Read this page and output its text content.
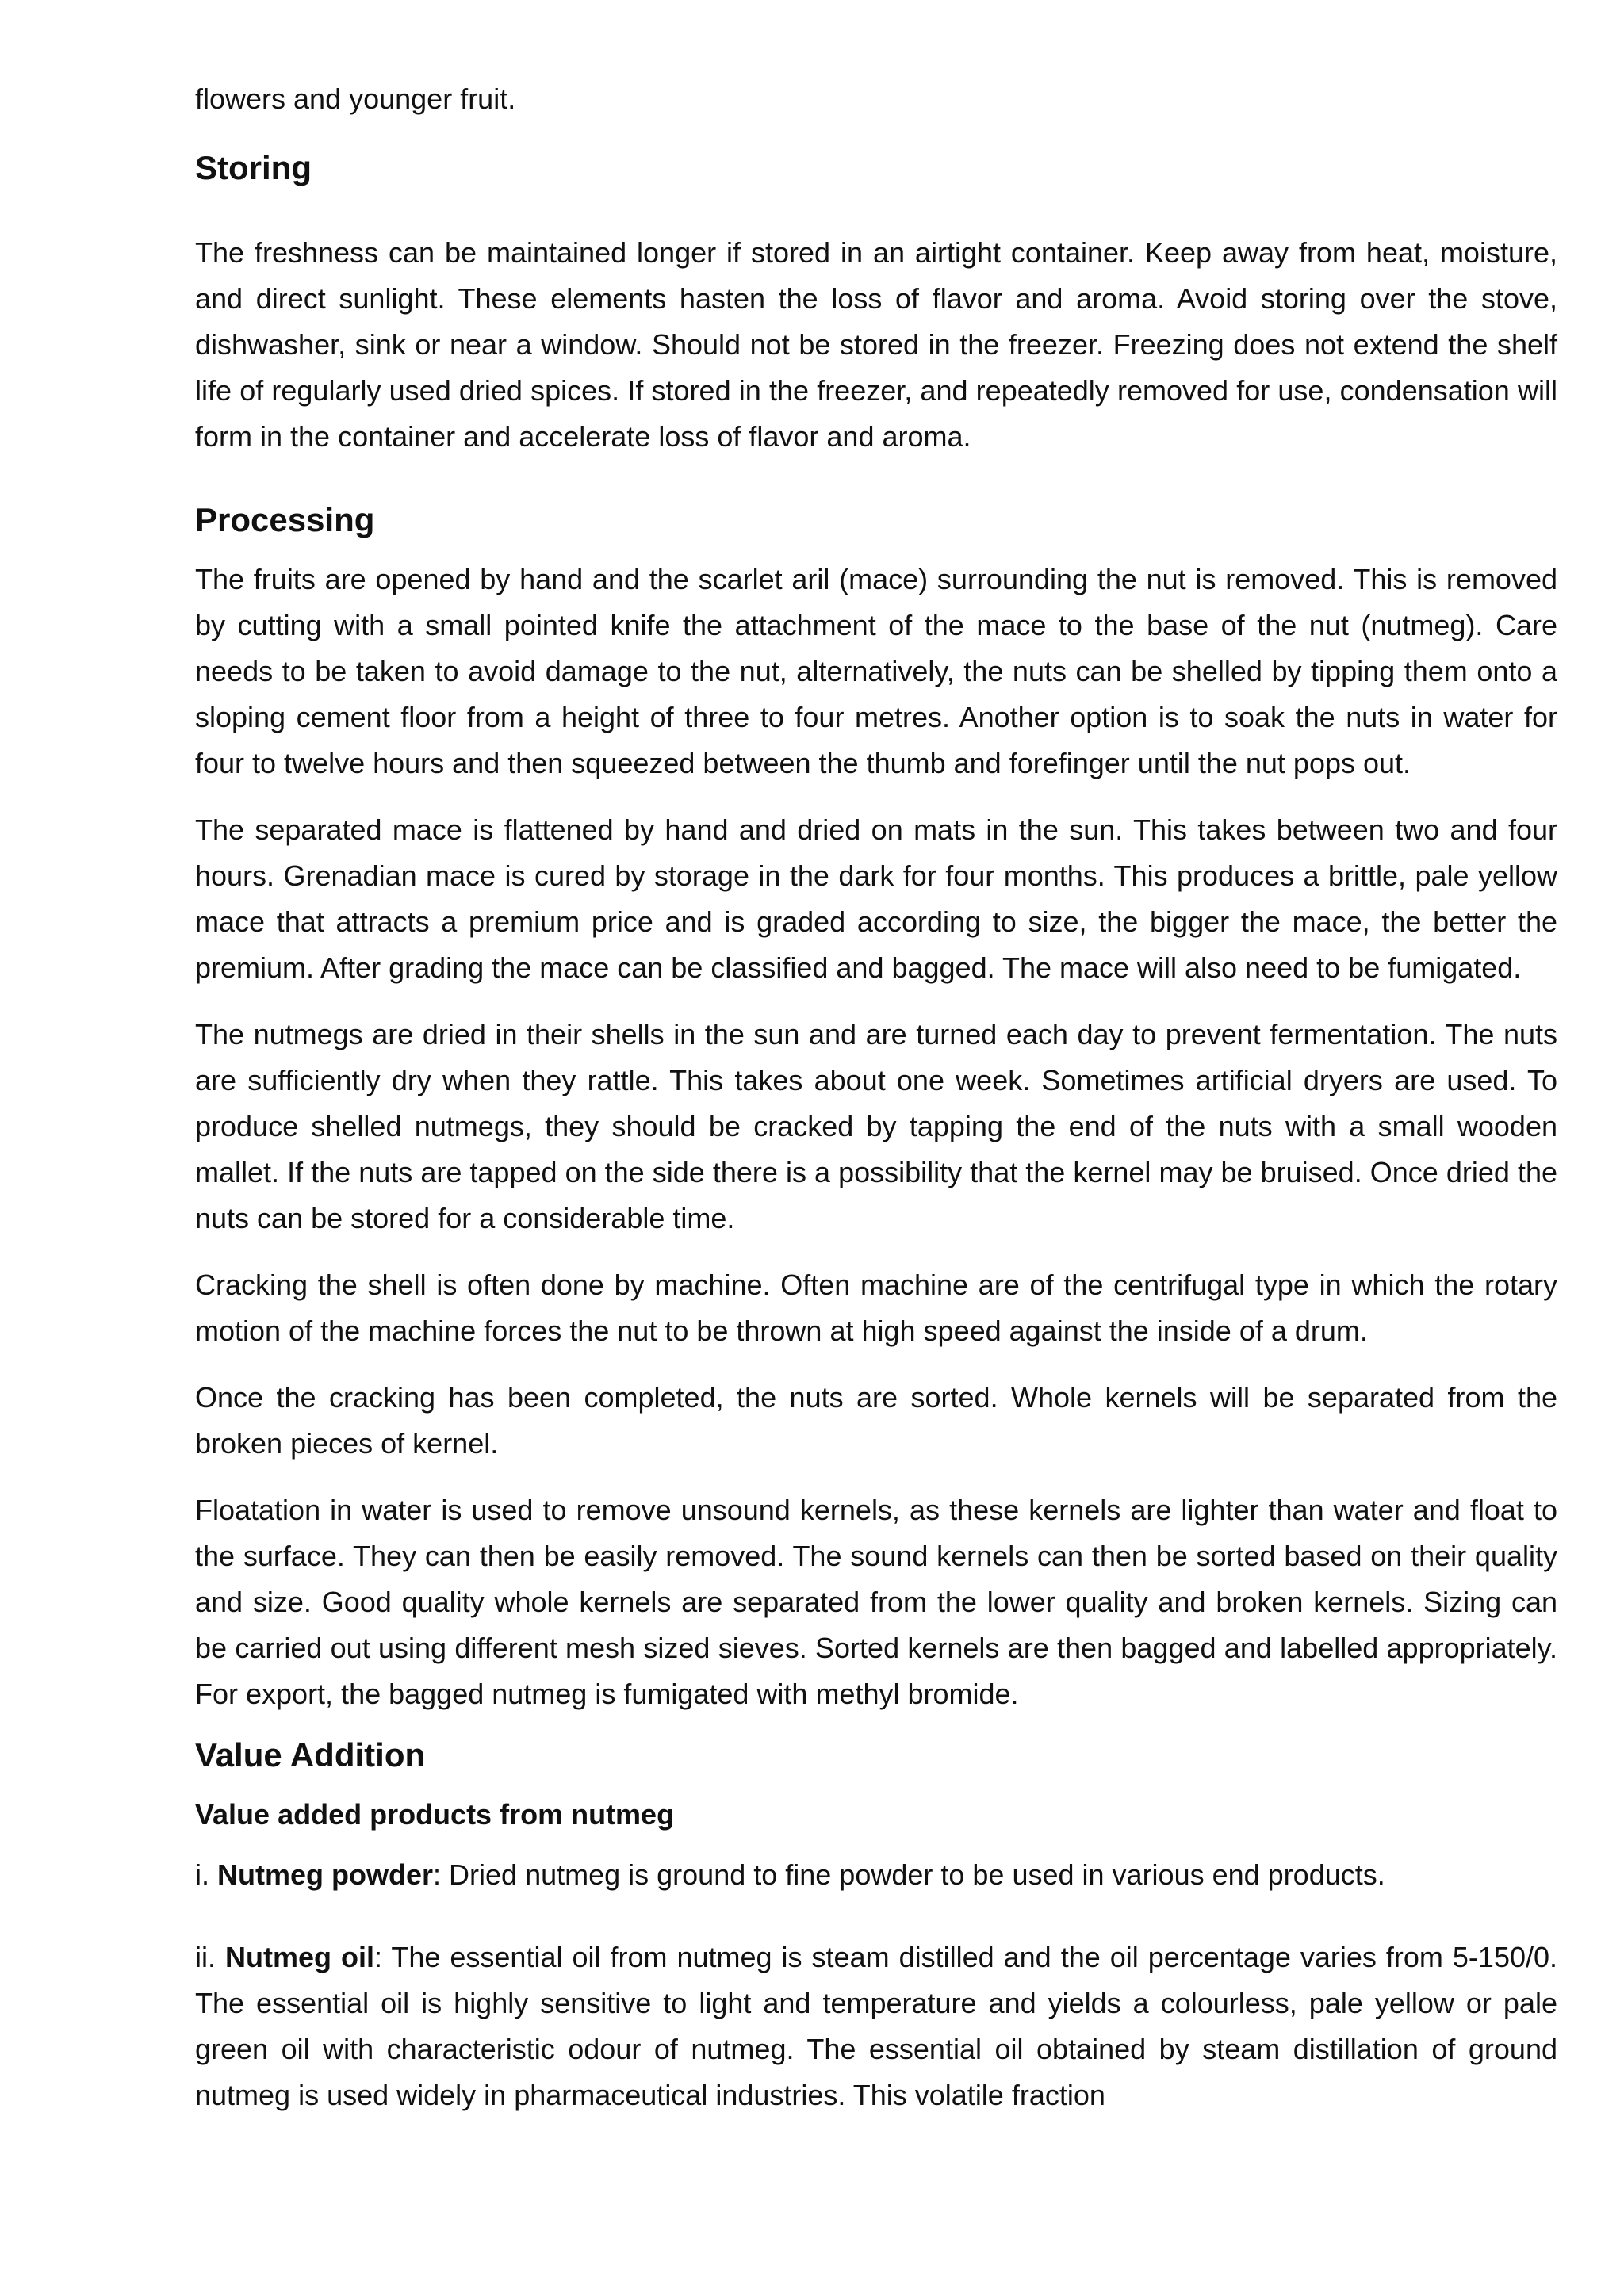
flowers and younger fruit.

Storing

The freshness can be maintained longer if stored in an airtight container. Keep away from heat, moisture, and direct sunlight. These elements hasten the loss of flavor and aroma. Avoid storing over the stove, dishwasher, sink or near a window. Should not be stored in the freezer. Freezing does not extend the shelf life of regularly used dried spices. If stored in the freezer, and repeatedly removed for use, condensation will form in the container and accelerate loss of flavor and aroma.

Processing

The fruits are opened by hand and the scarlet aril (mace) surrounding the nut is removed. This is removed by cutting with a small pointed knife the attachment of the mace to the base of the nut (nutmeg). Care needs to be taken to avoid damage to the nut, alternatively, the nuts can be shelled by tipping them onto a sloping cement floor from a height of three to four metres. Another option is to soak the nuts in water for four to twelve hours and then squeezed between the thumb and forefinger until the nut pops out.

The separated mace is flattened by hand and dried on mats in the sun. This takes between two and four hours. Grenadian mace is cured by storage in the dark for four months. This produces a brittle, pale yellow mace that attracts a premium price and is graded according to size, the bigger the mace, the better the premium. After grading the mace can be classified and bagged. The mace will also need to be fumigated.

The nutmegs are dried in their shells in the sun and are turned each day to prevent fermentation. The nuts are sufficiently dry when they rattle. This takes about one week. Sometimes artificial dryers are used. To produce shelled nutmegs, they should be cracked by tapping the end of the nuts with a small wooden mallet. If the nuts are tapped on the side there is a possibility that the kernel may be bruised. Once dried the nuts can be stored for a considerable time.

Cracking the shell is often done by machine. Often machine are of the centrifugal type in which the rotary motion of the machine forces the nut to be thrown at high speed against the inside of a drum.

Once the cracking has been completed, the nuts are sorted. Whole kernels will be separated from the broken pieces of kernel.

Floatation in water is used to remove unsound kernels, as these kernels are lighter than water and float to the surface. They can then be easily removed. The sound kernels can then be sorted based on their quality and size. Good quality whole kernels are separated from the lower quality and broken kernels. Sizing can be carried out using different mesh sized sieves. Sorted kernels are then bagged and labelled appropriately. For export, the bagged nutmeg is fumigated with methyl bromide.

Value Addition
Value added products from nutmeg

i. Nutmeg powder: Dried nutmeg is ground to fine powder to be used in various end products.

ii. Nutmeg oil: The essential oil from nutmeg is steam distilled and the oil percentage varies from 5-150/0. The essential oil is highly sensitive to light and temperature and yields a colourless, pale yellow or pale green oil with characteristic odour of nutmeg. The essential oil obtained by steam distillation of ground nutmeg is used widely in pharmaceutical industries. This volatile fraction
